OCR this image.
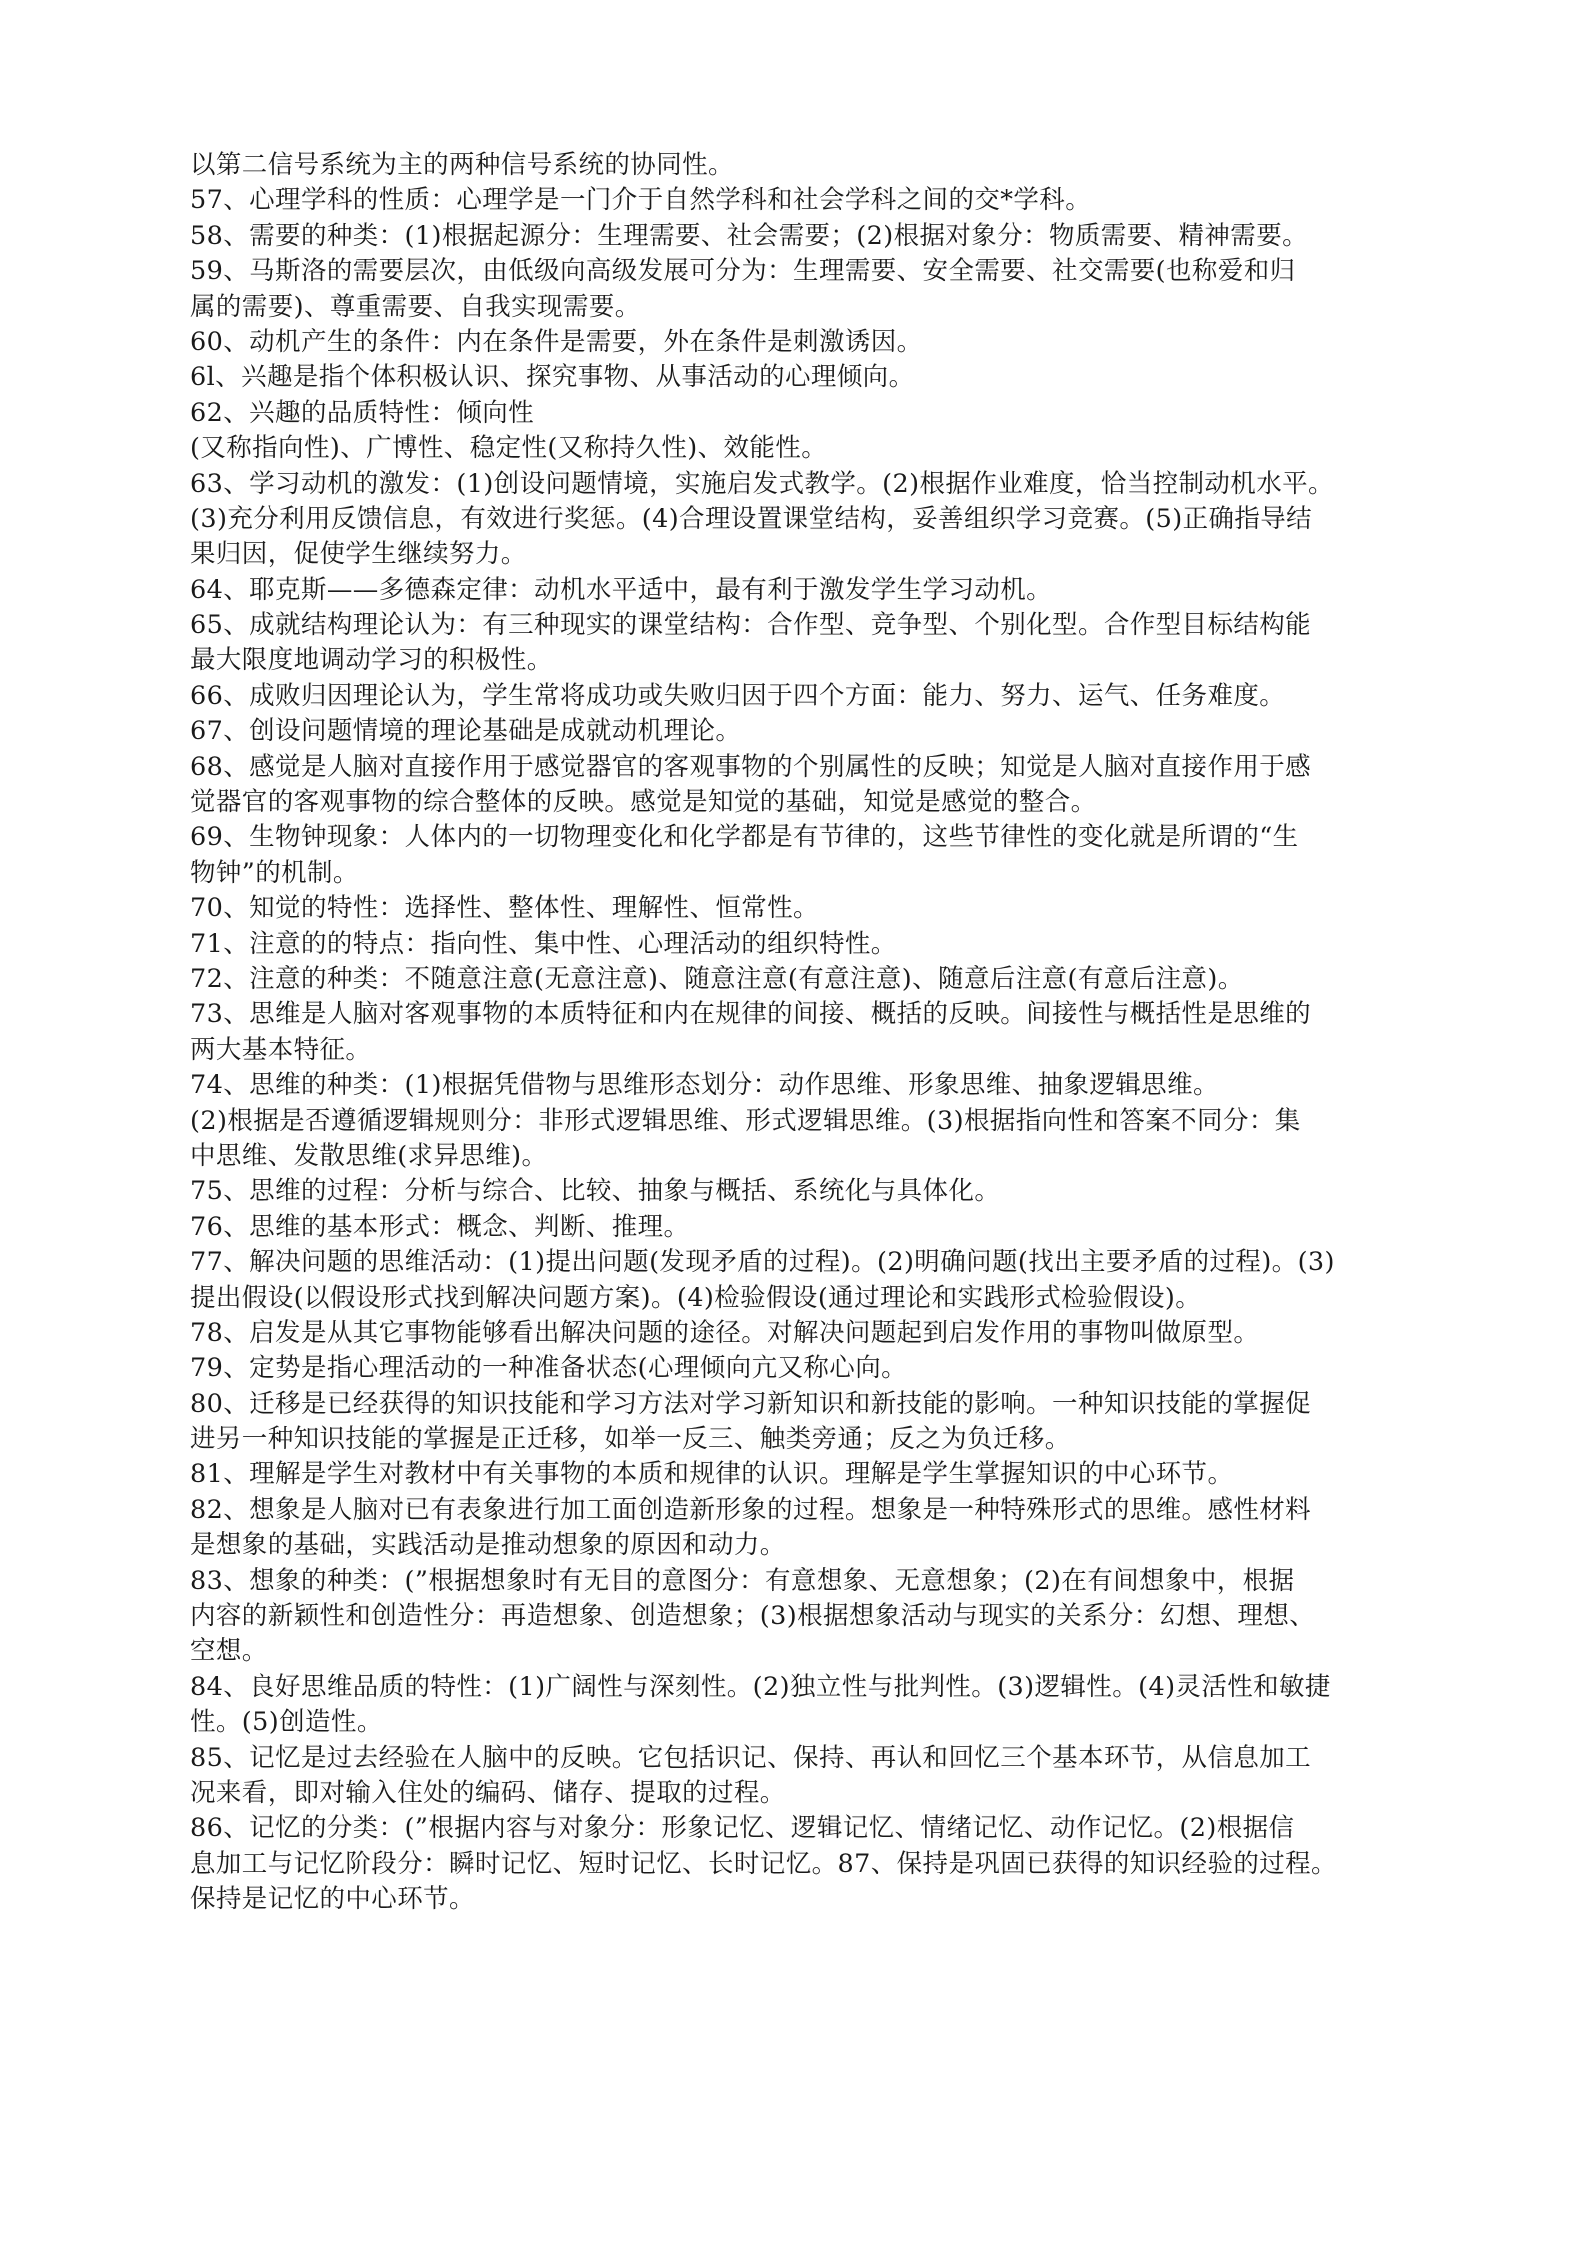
以第二信号系统为主的两种信号系统的协同性。
57、心理学科的性质：心理学是一门介于自然学科和社会学科之间的交*学科。
58、需要的种类：(1)根据起源分：生理需要、社会需要；(2)根据对象分：物质需要、精神需要。
59、马斯洛的需要层次，由低级向高级发展可分为：生理需要、安全需要、社交需要(也称爱和归
属的需要)、尊重需要、自我实现需要。
60、动机产生的条件：内在条件是需要，外在条件是刺激诱因。
6l、兴趣是指个体积极认识、探究事物、从事活动的心理倾向。
62、兴趣的品质特性：倾向性
(又称指向性)、广博性、稳定性(又称持久性)、效能性。
63、学习动机的激发：(1)创设问题情境，实施启发式教学。(2)根据作业难度，恰当控制动机水平。
(3)充分利用反馈信息，有效进行奖惩。(4)合理设置课堂结构，妥善组织学习竞赛。(5)正确指导结
果归因，促使学生继续努力。
64、耶克斯——多德森定律：动机水平适中，最有利于激发学生学习动机。
65、成就结构理论认为：有三种现实的课堂结构：合作型、竞争型、个别化型。合作型目标结构能
最大限度地调动学习的积极性。
66、成败归因理论认为，学生常将成功或失败归因于四个方面：能力、努力、运气、任务难度。
67、创设问题情境的理论基础是成就动机理论。
68、感觉是人脑对直接作用于感觉器官的客观事物的个别属性的反映；知觉是人脑对直接作用于感
觉器官的客观事物的综合整体的反映。感觉是知觉的基础，知觉是感觉的整合。
69、生物钟现象：人体内的一切物理变化和化学都是有节律的，这些节律性的变化就是所谓的“生
物钟”的机制。
70、知觉的特性：选择性、整体性、理解性、恒常性。
71、注意的的特点：指向性、集中性、心理活动的组织特性。
72、注意的种类：不随意注意(无意注意)、随意注意(有意注意)、随意后注意(有意后注意)。
73、思维是人脑对客观事物的本质特征和内在规律的间接、概括的反映。间接性与概括性是思维的
两大基本特征。
74、思维的种类：(1)根据凭借物与思维形态划分：动作思维、形象思维、抽象逻辑思维。
(2)根据是否遵循逻辑规则分：非形式逻辑思维、形式逻辑思维。(3)根据指向性和答案不同分：集
中思维、发散思维(求异思维)。
75、思维的过程：分析与综合、比较、抽象与概括、系统化与具体化。
76、思维的基本形式：概念、判断、推理。
77、解决问题的思维活动：(1)提出问题(发现矛盾的过程)。(2)明确问题(找出主要矛盾的过程)。(3)
提出假设(以假设形式找到解决问题方案)。(4)检验假设(通过理论和实践形式检验假设)。
78、启发是从其它事物能够看出解决问题的途径。对解决问题起到启发作用的事物叫做原型。
79、定势是指心理活动的一种准备状态(心理倾向亢又称心向。
80、迁移是已经获得的知识技能和学习方法对学习新知识和新技能的影响。一种知识技能的掌握促
进另一种知识技能的掌握是正迁移，如举一反三、触类旁通；反之为负迁移。
81、理解是学生对教材中有关事物的本质和规律的认识。理解是学生掌握知识的中心环节。
82、想象是人脑对已有表象进行加工面创造新形象的过程。想象是一种特殊形式的思维。感性材料
是想象的基础，实践活动是推动想象的原因和动力。
83、想象的种类：(”根据想象时有无目的意图分：有意想象、无意想象；(2)在有间想象中，根据
内容的新颖性和创造性分：再造想象、创造想象；(3)根据想象活动与现实的关系分：幻想、理想、
空想。
84、良好思维品质的特性：(1)广阔性与深刻性。(2)独立性与批判性。(3)逻辑性。(4)灵活性和敏捷
性。(5)创造性。
85、记忆是过去经验在人脑中的反映。它包括识记、保持、再认和回忆三个基本环节，从信息加工
况来看，即对输入住处的编码、储存、提取的过程。
86、记忆的分类：(”根据内容与对象分：形象记忆、逻辑记忆、情绪记忆、动作记忆。(2)根据信
息加工与记忆阶段分：瞬时记忆、短时记忆、长时记忆。87、保持是巩固已获得的知识经验的过程。
保持是记忆的中心环节。
